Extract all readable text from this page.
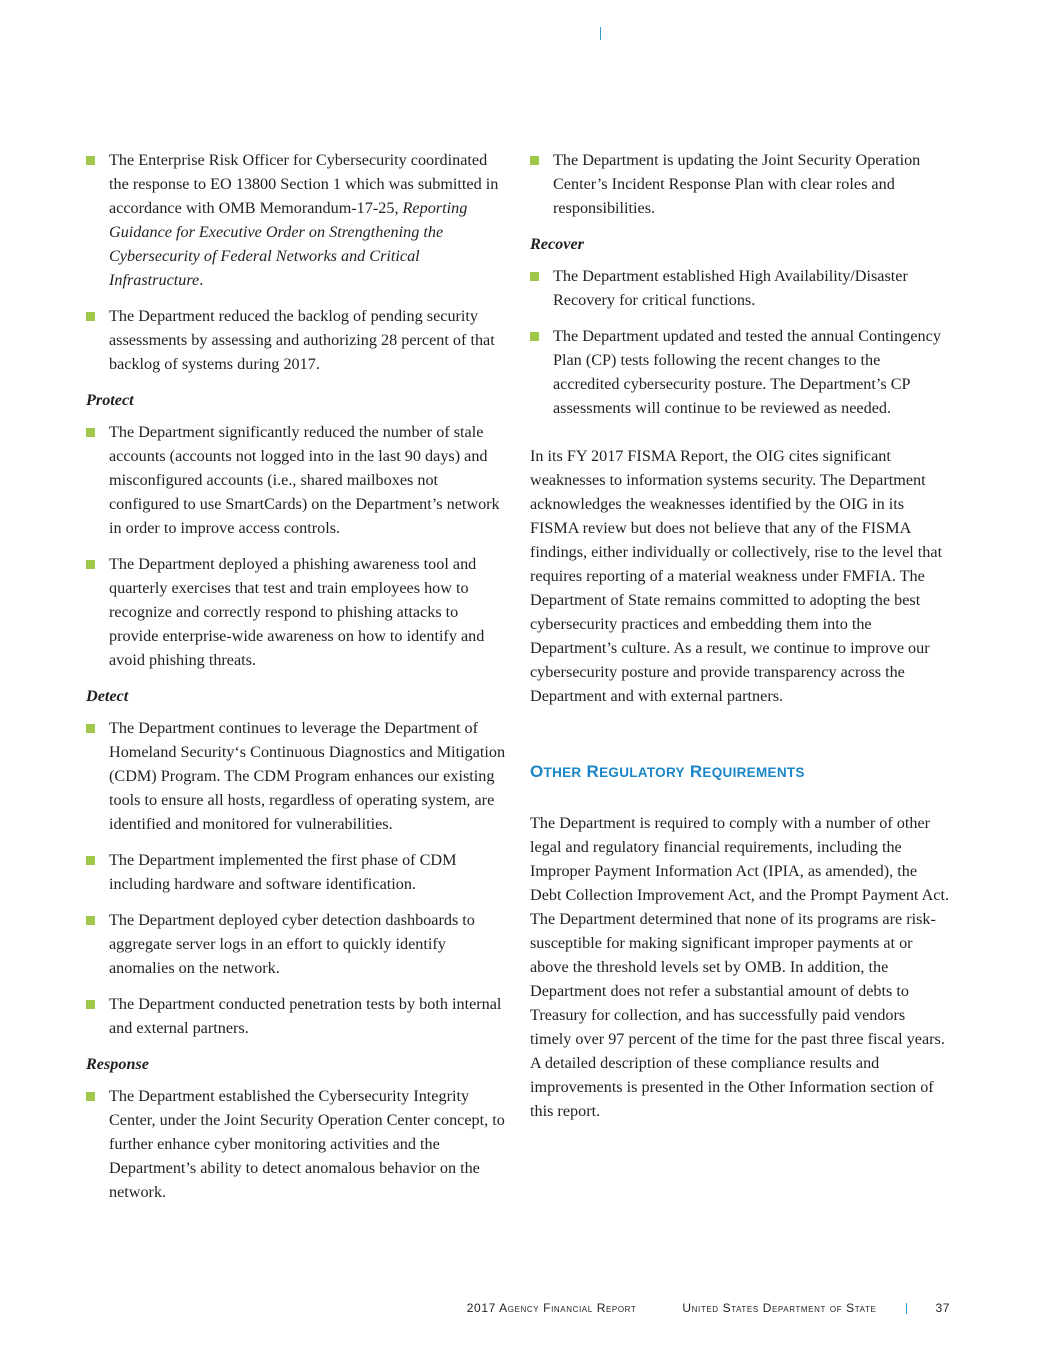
The Enterprise Risk Officer for Cybersecurity coordinated the response to EO 13800 Section 1 which was submitted in accordance with OMB Memorandum-17-25, Reporting Guidance for Executive Order on Strengthening the Cybersecurity of Federal Networks and Critical Infrastructure.
The Department reduced the backlog of pending security assessments by assessing and authorizing 28 percent of that backlog of systems during 2017.
Protect
The Department significantly reduced the number of stale accounts (accounts not logged into in the last 90 days) and misconfigured accounts (i.e., shared mailboxes not configured to use SmartCards) on the Department’s network in order to improve access controls.
The Department deployed a phishing awareness tool and quarterly exercises that test and train employees how to recognize and correctly respond to phishing attacks to provide enterprise-wide awareness on how to identify and avoid phishing threats.
Detect
The Department continues to leverage the Department of Homeland Security‘s Continuous Diagnostics and Mitigation (CDM) Program. The CDM Program enhances our existing tools to ensure all hosts, regardless of operating system, are identified and monitored for vulnerabilities.
The Department implemented the first phase of CDM including hardware and software identification.
The Department deployed cyber detection dashboards to aggregate server logs in an effort to quickly identify anomalies on the network.
The Department conducted penetration tests by both internal and external partners.
Response
The Department established the Cybersecurity Integrity Center, under the Joint Security Operation Center concept, to further enhance cyber monitoring activities and the Department’s ability to detect anomalous behavior on the network.
The Department is updating the Joint Security Operation Center’s Incident Response Plan with clear roles and responsibilities.
Recover
The Department established High Availability/Disaster Recovery for critical functions.
The Department updated and tested the annual Contingency Plan (CP) tests following the recent changes to the accredited cybersecurity posture. The Department’s CP assessments will continue to be reviewed as needed.

In its FY 2017 FISMA Report, the OIG cites significant weaknesses to information systems security. The Department acknowledges the weaknesses identified by the OIG in its FISMA review but does not believe that any of the FISMA findings, either individually or collectively, rise to the level that requires reporting of a material weakness under FMFIA. The Department of State remains committed to adopting the best cybersecurity practices and embedding them into the Department’s culture. As a result, we continue to improve our cybersecurity posture and provide transparency across the Department and with external partners.

OTHER REGULATORY REQUIREMENTS

The Department is required to comply with a number of other legal and regulatory financial requirements, including the Improper Payment Information Act (IPIA, as amended), the Debt Collection Improvement Act, and the Prompt Payment Act. The Department determined that none of its programs are risk-susceptible for making significant improper payments at or above the threshold levels set by OMB. In addition, the Department does not refer a substantial amount of debts to Treasury for collection, and has successfully paid vendors timely over 97 percent of the time for the past three fiscal years. A detailed description of these compliance results and improvements is presented in the Other Information section of this report.

2017 Agency Financial Report	United States Department of State	37
